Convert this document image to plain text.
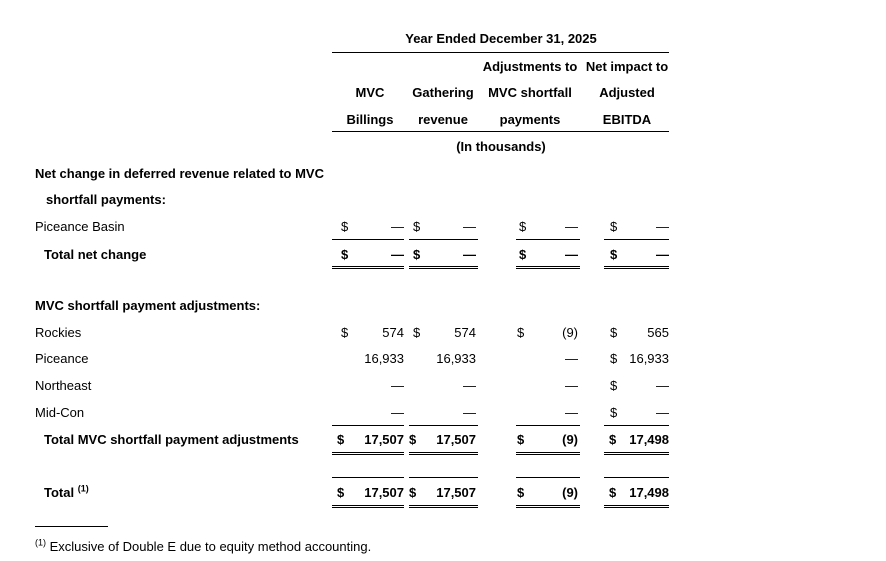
Year Ended December 31, 2025
Adjustments to Net impact to
MVC	Gathering	MVC shortfall	Adjusted
Billings	revenue	payments	EBITDA
(In thousands)
Net change in deferred revenue related to MVC
shortfall payments:
Piceance Basin	$	— $	—	$	— $	—
Total net change	$	— $	—	$	— $	—
MVC shortfall payment adjustments:
Rockies	$	574 $	574	$	(9) $	565
Piceance	16,933	16,933	— $ 16,933
Northeast	—	—	— $	—
Mid-Con	—	—	— $	—
Total MVC shortfall payment adjustments	$	17,507 $	17,507	$	(9) $	17,498
Total $^{(1)}$	$	17,507 $	17,507	$	(9) $	17,498
$^{(1)}$ Exclusive of Double E due to equity method accounting.
